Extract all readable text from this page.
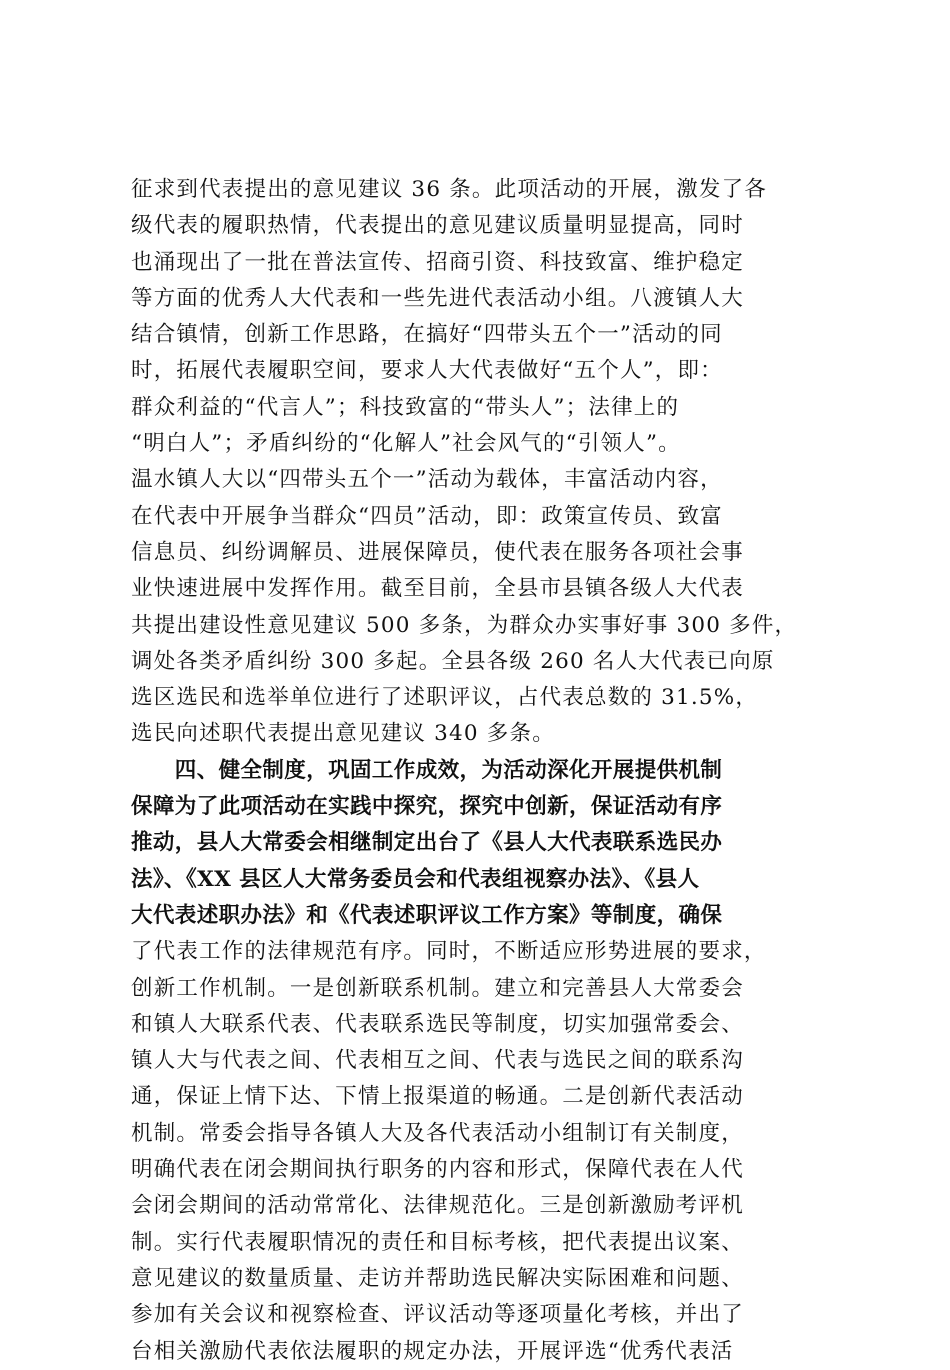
征求到代表提出的意见建议 36 条。此项活动的开展，激发了各
级代表的履职热情，代表提出的意见建议质量明显提高，同时
也涌现出了一批在普法宣传、招商引资、科技致富、维护稳定
等方面的优秀人大代表和一些先进代表活动小组。八渡镇人大
结合镇情，创新工作思路，在搞好“四带头五个一”活动的同
时，拓展代表履职空间，要求人大代表做好“五个人”，即：
群众利益的“代言人”；科技致富的“带头人”；法律上的
“明白人”；矛盾纠纷的“化解人”社会风气的“引领人”。
温水镇人大以“四带头五个一”活动为载体，丰富活动内容，
在代表中开展争当群众“四员”活动，即：政策宣传员、致富
信息员、纠纷调解员、进展保障员，使代表在服务各项社会事
业快速进展中发挥作用。截至目前，全县市县镇各级人大代表
共提出建设性意见建议 500 多条，为群众办实事好事 300 多件，
调处各类矛盾纠纷 300 多起。全县各级 260 名人大代表已向原
选区选民和选举单位进行了述职评议，占代表总数的 31.5%，
选民向述职代表提出意见建议 340 多条。
　　四、健全制度，巩固工作成效，为活动深化开展提供机制
保障为了此项活动在实践中探究，探究中创新，保证活动有序
推动，县人大常委会相继制定出台了《县人大代表联系选民办
法》、《XX 县区人大常务委员会和代表组视察办法》、《县人
大代表述职办法》和《代表述职评议工作方案》等制度，确保
了代表工作的法律规范有序。同时，不断适应形势进展的要求，
创新工作机制。一是创新联系机制。建立和完善县人大常委会
和镇人大联系代表、代表联系选民等制度，切实加强常委会、
镇人大与代表之间、代表相互之间、代表与选民之间的联系沟
通，保证上情下达、下情上报渠道的畅通。二是创新代表活动
机制。常委会指导各镇人大及各代表活动小组制订有关制度，
明确代表在闭会期间执行职务的内容和形式，保障代表在人代
会闭会期间的活动常常化、法律规范化。三是创新激励考评机
制。实行代表履职情况的责任和目标考核，把代表提出议案、
意见建议的数量质量、走访并帮助选民解决实际困难和问题、
参加有关会议和视察检查、评议活动等逐项量化考核，并出了
台相关激励代表依法履职的规定办法，开展评选“优秀代表活
